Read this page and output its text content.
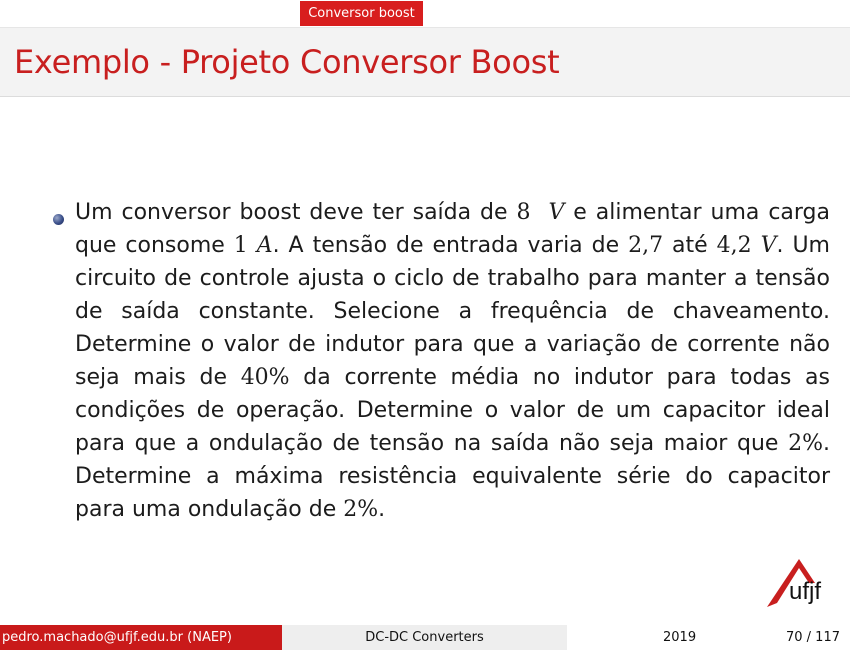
Conversor boost
Exemplo - Projeto Conversor Boost
Um conversor boost deve ter saída de 8 V e alimentar uma carga que consome 1 A. A tensão de entrada varia de 2,7 até 4,2 V. Um circuito de controle ajusta o ciclo de trabalho para manter a tensão de saída constante. Selecione a frequência de chaveamento. Determine o valor de indutor para que a variação de corrente não seja mais de 40% da corrente média no indutor para todas as condições de operação. Determine o valor de um capacitor ideal para que a ondulação de tensão na saída não seja maior que 2%. Determine a máxima resistência equivalente série do capacitor para uma ondulação de 2%.
ufjf
pedro.machado@ufjf.edu.br (NAEP)	DC-DC Converters	2019	70 / 117
